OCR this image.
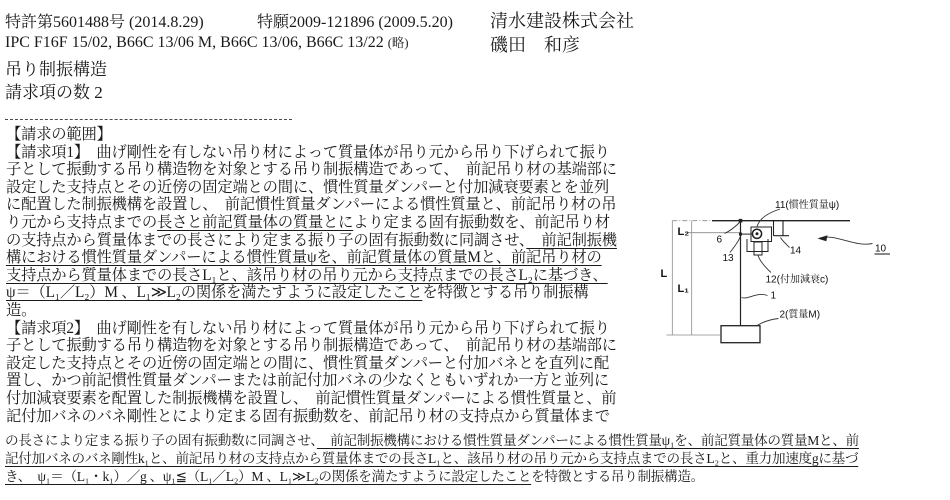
特許第5601488号 (2014.8.29)	特願2009-121896 (2009.5.20) 清水建設株式会社
IPC F16F 15/02, B66C 13/06 M, B66C 13/06, B66C 13/22 (略)	磯田　和彦
吊り制振構造
請求項の数 2
【請求の範囲】
【請求項1】　曲げ剛性を有しない吊り材によって質量体が吊り元から吊り下げられて振り
子として振動する吊り構造物を対象とする吊り制振構造であって、　前記吊り材の基端部に
設定した支持点とその近傍の固定端との間に、慣性質量ダンパーと付加減衰要素とを並列
に配置した制振機構を設置し、　前記慣性質量ダンパーによる慣性質量と、前記吊り材の吊
り元から支持点までの長さと前記質量体の質量とにより定まる固有振動数を、前記吊り材
の支持点から質量体までの長さにより定まる振り子の固有振動数に同調させ、　前記制振機
構における慣性質量ダンパーによる慣性質量ψを、前記質量体の質量Mと、前記吊り材の
支持点から質量体までの長さL₁と、該吊り材の吊り元から支持点までの長さL₂に基づき、
ψ＝（L₁／L₂）M 、L₁≫L₂の関係を満たすように設定したことを特徴とする吊り制振構
造。
【請求項2】　曲げ剛性を有しない吊り材によって質量体が吊り元から吊り下げられて振り
子として振動する吊り構造物を対象とする吊り制振構造であって、　前記吊り材の基端部に
設定した支持点とその近傍の固定端との間に、慣性質量ダンパーと付加バネとを直列に配
置し、かつ前記慣性質量ダンパーまたは前記付加バネの少なくともいずれか一方と並列に
付加減衰要素を配置した制振機構を設置し、　前記慣性質量ダンパーによる慣性質量と、前
記付加バネのバネ剛性とにより定まる固有振動数を、前記吊り材の支持点から質量体まで
の長さにより定まる振り子の固有振動数に同調させ、　前記制振機構における慣性質量ダンパーによる慣性質量ψ₁を、前記質量体の質量Mと、前
記付加バネのバネ剛性k₁と、前記吊り材の支持点から質量体までの長さL₁と、該吊り材の吊り元から支持点までの長さL₂と、重力加速度gに基づ
き、　ψ₁＝（L₁・k₁）／g 、ψ₁≦（L₁／L₂）M 、L₁≫L₂の関係を満たすように設定したことを特徴とする吊り制振構造。
11(慣性質量ψ)
6
13
14	10
12(付加減衰c)
1
2(質量M)
L
L₂
L₁
